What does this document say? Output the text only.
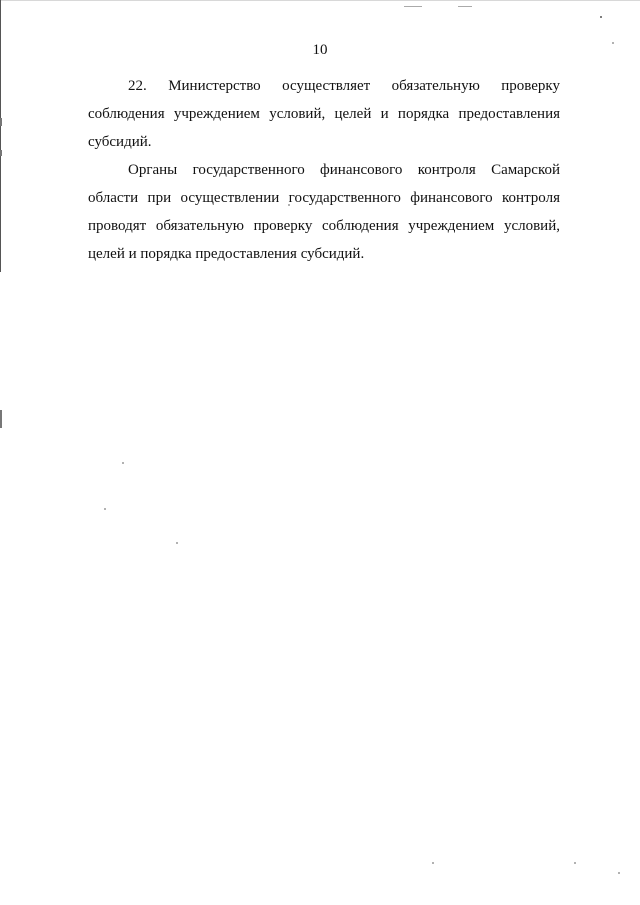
10
22. Министерство осуществляет обязательную проверку
соблюдения учреждением условий, целей и порядка предоставления
субсидий.
Органы государственного финансового контроля Самарской
области при осуществлении государственного финансового контроля
проводят обязательную проверку соблюдения учреждением условий,
целей и порядка предоставления субсидий.
